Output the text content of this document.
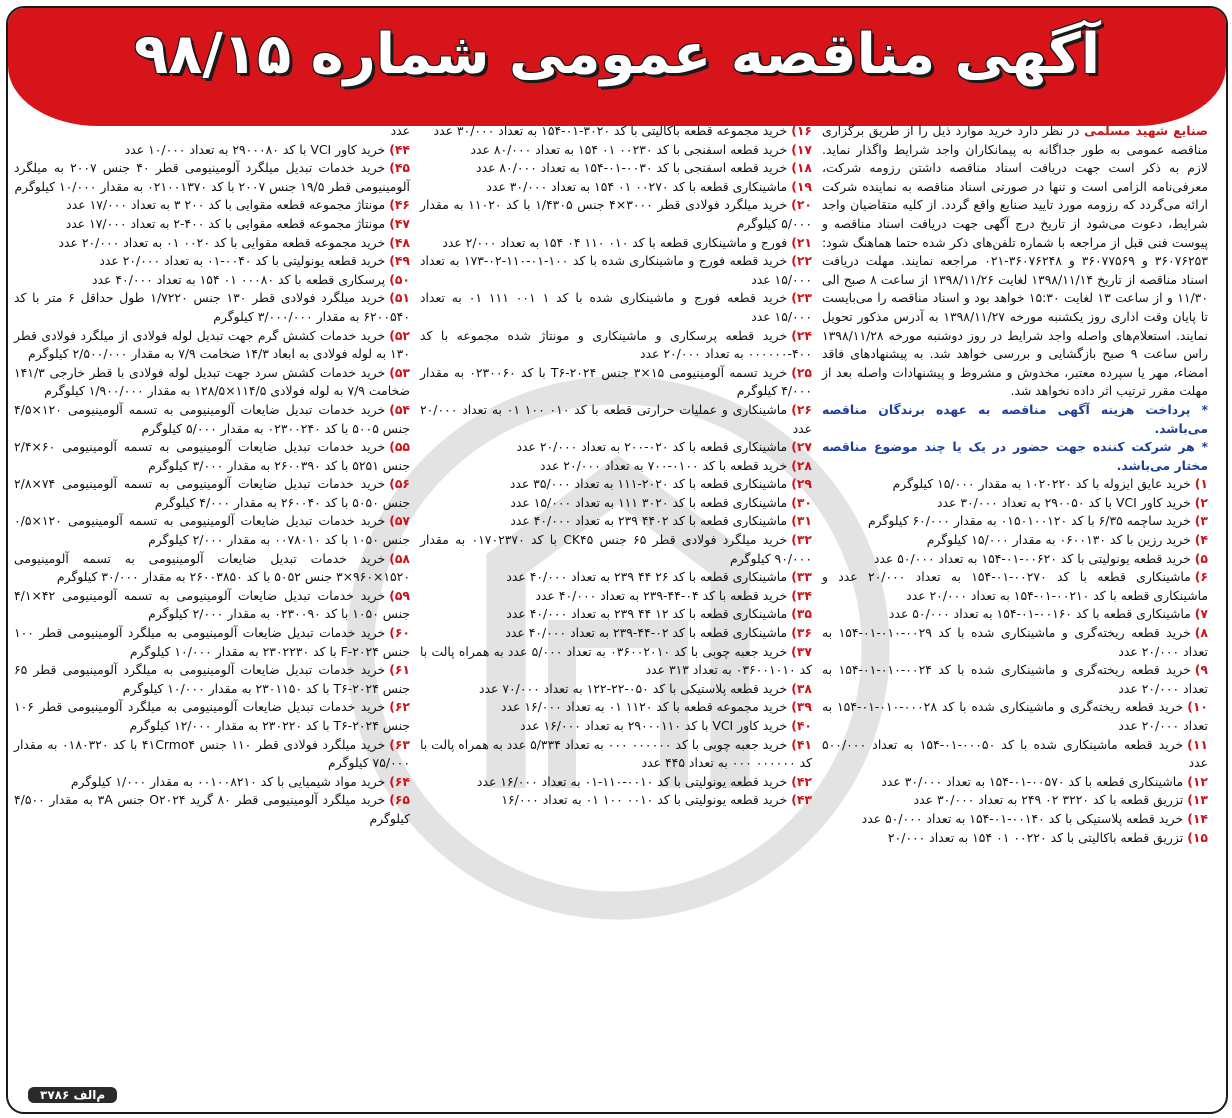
آگهی مناقصه عمومی شماره ۹۸/۱۵

صنایع شهید مسلمی در نظر دارد خرید موارد ذیل را از طریق برگزاری مناقصه عمومی به طور جداگانه به پیمانکاران واجد شرایط واگذار نماید. لازم به ذکر است جهت دریافت اسناد مناقصه داشتن رزومه شرکت، معرفی‌نامه الزامی است و تنها در صورتی اسناد مناقصه به نماینده شرکت ارائه می‌گردد که رزومه مورد تایید صنایع واقع گردد. از کلیه متقاضیان واجد شرایط، دعوت می‌شود از تاریخ درج آگهی جهت دریافت اسناد مناقصه و پیوست فنی قبل از مراجعه با شماره تلفن‌های ذکر شده حتما هماهنگ شود: ۳۶۰۷۶۲۵۳ و ۳۶۰۷۷۵۶۹ و ۳۶۰۷۶۲۴۸-۰۲۱ مراجعه نمایند. مهلت دریافت اسناد مناقصه از تاریخ ۱۳۹۸/۱۱/۱۴ لغایت ۱۳۹۸/۱۱/۲۶ از ساعت ۸ صبح الی ۱۱/۳۰ و از ساعت ۱۳ لغایت ۱۵:۳۰ خواهد بود و اسناد مناقصه را می‌بایست تا پایان وقت اداری روز یکشنبه مورخه ۱۳۹۸/۱۱/۲۷ به آدرس مذکور تحویل نمایند. استعلام‌های واصله واجد شرایط در روز دوشنبه مورخه ۱۳۹۸/۱۱/۲۸ راس ساعت ۹ صبح بازگشایی و بررسی خواهد شد. به پیشنهادهای فاقد امضاء، مهر یا سپرده معتبر، مخدوش و مشروط و پیشنهادات واصله بعد از مهلت مقرر ترتیب اثر داده نخواهد شد.

* پرداخت هزینه آگهی مناقصه به عهده برندگان مناقصه می‌باشد.

* هر شرکت کننده جهت حضور در یک یا چند موضوع مناقصه مختار می‌باشد.

۱)خرید عایق ایزوله با کد ۱۰۲۰۲۲۰ به مقدار ۱۵/۰۰۰ کیلوگرم

۲)خرید کاور VCI با کد ۲۹۰۰۵۰ به تعداد ۳۰/۰۰۰ عدد

۳)خرید ساچمه ۶/۳۵ با کد ۰۱۵۰۱۰۰۱۲۰ به مقدار ۶۰/۰۰۰ کیلوگرم

۴)خرید رزین با کد ۰۶۰۰۱۳۰ به مقدار ۱۵/۰۰۰ کیلوگرم

۵)خرید قطعه یونولیتی با کد ۰۰۶۲۰-۰۱-۱۵۴ به تعداد ۵۰/۰۰۰ عدد

۶)ماشینکاری قطعه با کد ۰۰۲۷۰-۰۱-۱۵۴ به تعداد ۲۰/۰۰۰ عدد و ماشینکاری قطعه با کد ۰۰۲۱۰-۰۱-۱۵۴ به تعداد ۲۰/۰۰۰ عدد

۷)ماشینکاری قطعه با کد ۰۰۱۶۰-۰۱-۱۵۴ به تعداد ۵۰/۰۰۰ عدد

۸)خرید قطعه ریخته‌گری و ماشینکاری شده با کد ۰۰۲۹-۰۱۰-۰۱-۱۵۴ به تعداد ۲۰/۰۰۰ عدد

۹)خرید قطعه ریخته‌گری و ماشینکاری شده با کد ۰۰۲۴-۰۱۰-۰۱-۱۵۴ به تعداد ۲۰/۰۰۰ عدد

۱۰)خرید قطعه ریخته‌گری و ماشینکاری شده با کد ۰۰۰۲۸-۰۱۰-۰۱-۱۵۴ به تعداد ۲۰/۰۰۰ عدد

۱۱)خرید قطعه ماشینکاری شده با کد ۰۰۰۵۰-۰۱-۱۵۴ به تعداد ۵۰۰/۰۰۰ عدد

۱۲)ماشینکاری قطعه با کد ۰۰۵۷۰-۰۱-۱۵۴ به تعداد ۳۰/۰۰۰ عدد

۱۳)تزریق قطعه با کد ۳۲۲۰ ۰۲ ۲۴۹ به تعداد ۳۰/۰۰۰ عدد

۱۴)خرید قطعه پلاستیکی با کد ۰۰۱۴۰-۰۱-۱۵۴ به تعداد ۵۰/۰۰۰ عدد

۱۵)تزریق قطعه باکالیتی با کد ۰۰۲۲۰ ۰۱ ۱۵۴ به تعداد ۲۰/۰۰۰

۱۶)خرید مجموعه قطعه باکالیتی با کد ۳۰۲۰-۰۱-۱۵۴ به تعداد ۳۰/۰۰۰ عدد

۱۷)خرید قطعه اسفنجی با کد ۰۰۲۳۰ ۰۱ ۱۵۴ به تعداد ۸۰/۰۰۰ عدد

۱۸)خرید قطعه اسفنجی با کد ۰۰۳۰-۰۱-۱۵۴ به تعداد ۸۰/۰۰۰ عدد

۱۹)ماشینکاری قطعه با کد ۰۰۲۷۰ ۰۱ ۱۵۴ به تعداد ۳۰/۰۰۰ عدد

۲۰)خرید میلگرد فولادی قطر ۳۰۰۰×۴ جنس ۱/۴۳۰۵ با کد ۱۱۰۲۰ به مقدار ۵/۰۰۰ کیلوگرم

۲۱)فورج و ماشینکاری قطعه با کد ۰۱۰ ۱۱۰ ۰۴ ۱۵۴ به تعداد ۲/۰۰۰ عدد

۲۲)خرید قطعه فورج و ماشینکاری شده با کد ۱۰۰-۰۱-۱۱۰-۰۲-۱۷۳ به تعداد ۱۵/۰۰۰ عدد

۲۳)خرید قطعه فورج و ماشینکاری شده با کد ۱ ۰۰۱ ۱۱۱ ۰۱ به تعداد ۱۵/۰۰۰ عدد

۲۴)خرید قطعه پرسکاری و ماشینکاری و مونتاژ شده مجموعه با کد ۴۰۰-۰۰۰۰۰۰ به تعداد ۲۰/۰۰۰ عدد

۲۵)خرید تسمه آلومینیومی ۱۵×۳ جنس T۶-۲۰۲۴ با کد ۰۲۳۰۰۶۰ به مقدار ۴/۰۰۰ کیلوگرم

۲۶)ماشینکاری و عملیات حرارتی قطعه با کد ۰۱۰ ۱۰۰ ۰۱ به تعداد ۲۰/۰۰۰ عدد

۲۷)ماشینکاری قطعه با کد ۰۲۰-۲۰۰ به تعداد ۲۰/۰۰۰ عدد

۲۸)خرید قطعه با کد ۰۱۰۰-۷۰۰ به تعداد ۲۰/۰۰۰ عدد

۲۹)ماشینکاری قطعه با کد ۲۰۲۰-۱۱۱ به تعداد ۳۵/۰۰۰ عدد

۳۰)ماشینکاری قطعه با کد ۳۰۲۰ ۱۱۱ به تعداد ۱۵/۰۰۰ عدد

۳۱)ماشینکاری قطعه با کد ۴۴۰۲ ۲۳۹ به تعداد ۴۰/۰۰۰ عدد

۳۲)خرید میلگرد فولادی قطر ۶۵ جنس CK۴۵ با کد ۰۱۷۰۲۳۷۰ به مقدار ۹۰/۰۰۰ کیلوگرم

۳۳)ماشینکاری قطعه با کد ۲۶ ۴۴ ۲۳۹ به تعداد ۴۰/۰۰۰ عدد

۳۴)خرید قطعه با کد ۰۴-۴۴-۲۳۹ به تعداد ۴۰/۰۰۰ عدد

۳۵)ماشینکاری قطعه با کد ۱۲ ۴۴ ۲۳۹ به تعداد ۴۰/۰۰۰ عدد

۳۶)ماشینکاری قطعه با کد ۰۲-۴۴-۲۳۹ به تعداد ۴۰/۰۰۰ عدد

۳۷)خرید جعبه چوبی با کد ۰۳۶۰۰۲۰۱۰ به تعداد ۵/۰۰۰ عدد به همراه پالت با کد ۰۳۶۰۰۱۰۱۰ به تعداد ۳۱۳ عدد

۳۸)خرید قطعه پلاستیکی با کد ۰۵۰-۲۲-۱۲۲ به تعداد ۷۰/۰۰۰ عدد

۳۹)خرید مجموعه قطعه با کد ۱۱۲۰ ۰۱ به تعداد ۱۶/۰۰۰ عدد

۴۰)خرید کاور VCI با کد ۲۹۰۰۰۱۱۰ به تعداد ۱۶/۰۰۰ عدد

۴۱)خرید جعبه چوبی با کد ۰۰۰۰۰۰ ۰۰۰ به تعداد ۵/۳۳۴ عدد به همراه پالت با کد ۰۰۰۰۰۰ ۰۰۰ به تعداد ۴۴۵ عدد

۴۲)خرید قطعه یونولیتی با کد ۰۰۱۰-۱۱۰-۰۱ به تعداد ۱۶/۰۰۰ عدد

۴۳)خرید قطعه یونولیتی با کد ۰۰۱۰ ۱۰۰ ۰۱ به تعداد ۱۶/۰۰۰

عدد

۴۴)خرید کاور VCI با کد ۲۹۰۰۰۸۰ به تعداد ۱۰/۰۰۰ عدد

۴۵)خرید خدمات تبدیل میلگرد آلومینیومی قطر ۴۰ جنس ۲۰۰۷ به میلگرد آلومینیومی قطر ۱۹/۵ جنس ۲۰۰۷ با کد ۰۲۱۰۰۱۳۷۰ به مقدار ۱۰/۰۰۰ کیلوگرم

۴۶)مونتاژ مجموعه قطعه مقوایی با کد ۲۰۰ ۳ به تعداد ۱۷/۰۰۰ عدد

۴۷)مونتاژ مجموعه قطعه مقوایی با کد ۴۰۰-۲ به تعداد ۱۷/۰۰۰ عدد

۴۸)خرید مجموعه قطعه مقوایی با کد ۰۰۲۰ ۰۱ به تعداد ۲۰/۰۰۰ عدد

۴۹)خرید قطعه یونولیتی با کد ۰۰۴۰-۰۱ به تعداد ۲۰/۰۰۰ عدد

۵۰)پرسکاری قطعه با کد ۰۰۰۸۰ ۰۱ ۱۵۴ به تعداد ۴۰/۰۰۰ عدد

۵۱)خرید میلگرد فولادی قطر ۱۳۰ جنس ۱/۷۲۲۰ طول حداقل ۶ متر با کد ۶۲۰۰۵۴۰ به مقدار ۳/۰۰۰/۰۰۰ کیلوگرم

۵۲)خرید خدمات کشش گرم جهت تبدیل لوله فولادی از میلگرد فولادی قطر ۱۳۰ به لوله فولادی به ابعاد ۱۴/۳ ضخامت ۷/۹ به مقدار ۲/۵۰۰/۰۰۰ کیلوگرم

۵۳)خرید خدمات کشش سرد جهت تبدیل لوله فولادی با قطر خارجی ۱۴۱/۳ ضخامت ۷/۹ به لوله فولادی ۱۱۴/۵×۱۲۸/۵ به مقدار ۱/۹۰۰/۰۰۰ کیلوگرم

۵۴)خرید خدمات تبدیل ضایعات آلومینیومی به تسمه آلومینیومی ۱۲۰×۴/۵ جنس ۵۰۰۵ با کد ۰۲۳۰۰۲۴۰ به مقدار ۵/۰۰۰ کیلوگرم

۵۵)خرید خدمات تبدیل ضایعات آلومینیومی به تسمه آلومینیومی ۶۰×۲/۴ جنس ۵۲۵۱ با کد ۲۶۰۰۳۹۰ به مقدار ۳/۰۰۰ کیلوگرم

۵۶)خرید خدمات تبدیل ضایعات آلومینیومی به تسمه آلومینیومی ۷۴×۲/۸ جنس ۵۰۵۰ با کد ۲۶۰۰۴۰ به مقدار ۴/۰۰۰ کیلوگرم

۵۷)خرید خدمات تبدیل ضایعات آلومینیومی به تسمه آلومینیومی ۱۲۰×۰/۵ جنس ۱۰۵۰ با کد ۰۰۷۸۰۱۰ به مقدار ۲/۰۰۰ کیلوگرم

۵۸)خرید خدمات تبدیل ضایعات آلومینیومی به تسمه آلومینیومی ۱۵۲۰×۹۶۰×۳ جنس ۵۰۵۲ با کد ۲۶۰۰۳۸۵۰ به مقدار ۳۰/۰۰۰ کیلوگرم

۵۹)خرید خدمات تبدیل ضایعات آلومینیومی به تسمه آلومینیومی ۴۲×۴/۱ جنس ۱۰۵۰ با کد ۰۲۳۰۰۹۰ به مقدار ۲/۰۰۰ کیلوگرم

۶۰)خرید خدمات تبدیل ضایعات آلومینیومی به میلگرد آلومینیومی قطر ۱۰۰ جنس F-۲۰۲۴ با کد ۲۳۰۲۲۳۰ به مقدار ۱۰/۰۰۰ کیلوگرم

۶۱)خرید خدمات تبدیل ضایعات آلومینیومی به میلگرد آلومینیومی قطر ۶۵ جنس T۶-۲۰۲۴ با کد ۲۳۰۱۱۵۰ به مقدار ۱۰/۰۰۰ کیلوگرم

۶۲)خرید خدمات تبدیل ضایعات آلومینیومی به میلگرد آلومینیومی قطر ۱۰۶ جنس T۶-۲۰۲۴ با کد ۲۳۰۲۲۰ به مقدار ۱۲/۰۰۰ کیلوگرم

۶۳)خرید میلگرد فولادی قطر ۱۱۰ جنس ۴۱Crmo۴ با کد ۰۱۸۰۳۲۰ به مقدار ۷۵/۰۰۰ کیلوگرم

۶۴)خرید مواد شیمیایی با کد ۰۰۱۰۰۸۲۱۰ به مقدار ۱/۰۰۰ کیلوگرم

۶۵)خرید میلگرد آلومینیومی قطر ۸۰ گرید O۲۰۲۴ جنس ۳A به مقدار ۴/۵۰۰ کیلوگرم

م‌الف ۳۷۸۶
